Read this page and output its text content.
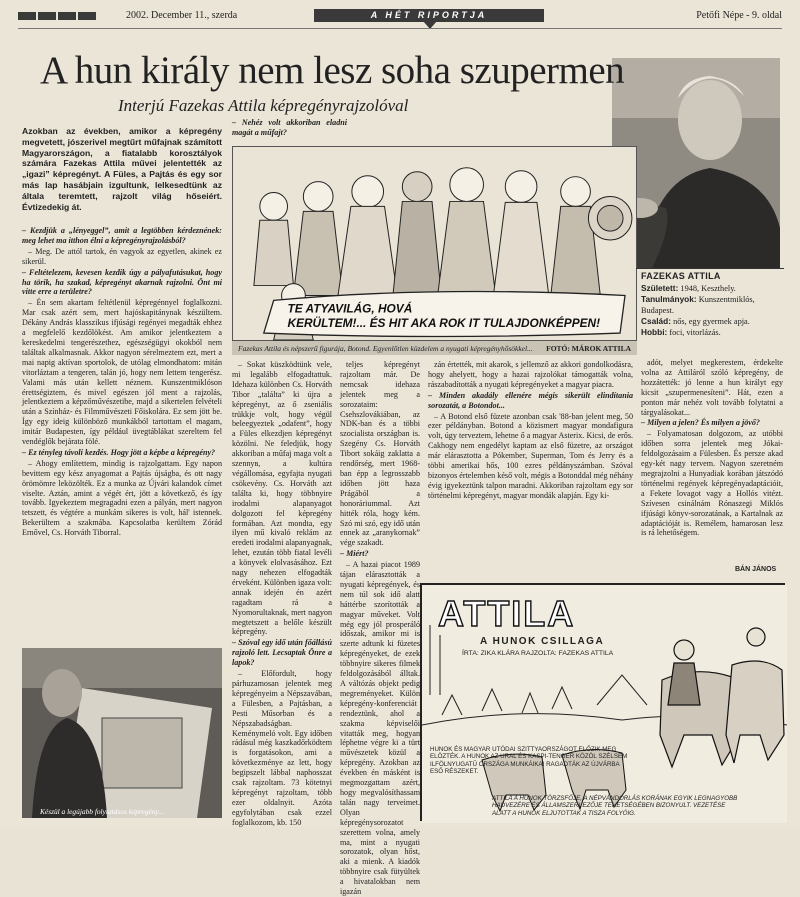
2002. December 11., szerda	A HÉT RIPORTJA	Petőfi Népe - 9. oldal
A hun király nem lesz soha szupermen
Interjú Fazekas Attila képregényrajzolóval
Azokban az években, amikor a képregény megvetett, jószerivel megtűrt műfajnak számított Magyarországon, a fiatalabb korosztályok számára Fazekas Attila művei jelentették az „igazi” képregényt. A Füles, a Pajtás és egy sor más lap hasábjain izgultunk, lelkesedtünk az általa teremtett, rajzolt világ hőseiért. Évtizedekig át.

– Kezdjük a „lényeggel”, amit a legtöbben kérdeznének: meg lehet ma itthon élni a képregényrajzolásból?

– Meg. De attól tartok, én vagyok az egyetlen, akinek ez sikerül.

– Feltételezem, kevesen kezdik úgy a pályafutásukat, hogy ha törik, ha szakad, képregényt akarnak rajzolni. Önt mi vitte erre a területre?

– Én sem akartam feltétlenül képregénnyel foglalkozni. Mar csak azért sem, mert hajóskapitánynak készültem. Dékány András klasszikus ifjúsági regényei megadták ehhez a megfelelő kezdőlökést. Am amikor jelentkeztem a kereskedelmi tengerészethez, egészségügyi okokból nem találtak alkalmasnak. Akkor nagyon sérelmeztem ezt, mert a mai napig aktívan sportolok, de utólag elmondhatom: mitán vitorláztam a tengeren, talán jó, hogy nem lettem tengerész. Valami más után kellett néznem. Kunszentmiklóson érettségiztem, és mivel egészen jól ment a rajzolás, jelentkeztem a képzőművészetibe, majd a sikertelen felvételi után a Színház- és Filmművészeti Főiskolára. Ez sem jött be. Így egy ideig különböző munkákból tartottam el magam, imitár Budapesten, így például üvegtáblákat szereltem fel vendéglők bejárata fölé.

– Ez tényleg távoli kezdés. Hogy jött a képbe a képregény?

– Ahogy említettem, mindig is rajzolgattam. Egy napon bevittem egy kész anyagomat a Pajtás újságba, és ott nagy örömömre leközölték. Ez a munka az Újvári kalandok címet viselte. Aztán, amint a végét ért, jött a következő, és így tovább. Igyekeztem megragadni ezen a pályán, mert nagyon tetszett, és végtére a munkám sikeres is volt, hál' istennek. Bekerültem a szakmába. Kapcsolatba kerültem Zórád Ernővel, Cs. Horváth Tiborral.

– Nehéz volt akkoriban eladni magát a műfajt?

TE ATYAVILÁG, HOVÁ
KERÜLTEM!... ÉS HIT AKA ROK IT TULAJDONKÉPPEN!
Fazekas Attila és népszerű figurája, Botond. Egyenlőtlen küzdelem a nyugati képregényhősökkel... FOTÓ: MÁROK ATTILA

– Sokat küszködtünk vele, mi legalább elfogadtattuk. Idehaza különben Cs. Horváth Tibor „találta” ki újra a képregényt, az ő zseniális trükkje volt, hogy végül beleegyeztek „odafent”, hogy a Füles elkezdjen képregényt közölni. Ne feledjük, hogy akkoriban a műfaj maga volt a szennyв, a kultúra végállomása, egyfajta nyugati csökevény. Cs. Horváth azt találta ki, hogy többnyire irodalmi alapanyagot dolgozott fel képregény formában. Azt mondta, egy ilyen mű kivaló reklám az eredeti irodalmi alapanyagnak, lehet, ezután több fiatal levéli a könyvek elolvasásához. Ezt nagy nehezen elfogadták érveként. Különben igaza volt: annak idején én azért ragadtam rá a Nyomorultaknak, mert nagyon megtetszett a belőle készült képregény.

– Szóval egy idő után főállású rajzoló lett. Lecsaptak Önre a lapok?

– Előfordult, hogy párhuzamosan jelentek meg képregényeim a Népszavában, a Fülesben, a Pajtásban, a Pesti Műsorban és a Népszabadságban. Keménymeló volt. Egy időben rádásul még kaszkadőrködtem is forgatásokon, ami a következménye az lett, hogy begipszelt lábbal naphosszat csak rajzoltam. 73 kötetnyi képregényt rajzoltam, több ezer oldalnyit. Azóta egyfolytában csak ezzel foglalkozom, kb. 150

teljes képregényt rajzoltam már. De nemcsak idehaza jelentek meg a sorozataim: Csehszlovákiában, az NDK-ban és a többi szocialista országban is. Szegény Cs. Horváth Tibort sokáig zaklatta a rendőrség, mert 1968-ban épp a legrosszabb időben jött haza Prágából a honoráriummal. Azt hitték róla, hogy kém. Szó mi szó, egy idő után ennek az „aranykornak” vége szakadt.

– Miért?

– A hazai piacot 1989 tájan elárasztották a nyugati képregények, és nem túl sok idő alatt háttérbe szorították a magyar műveket. Volt még egy jól prosperáló időszak, amikor mi is szerte adtunk ki füzetes képregényeket, de ezek többnyire sikeres filmek feldolgozásából álltak. A váltózás objekt pedig megreményeket. Külön képregény-konferenciát rendeztünk, ahol a szakma képviselői vitatták meg, hogyan léphetne végre ki a türt művészetek közül a képregény. Azokban az években én másként is megmozgattam azért, hogy megvalósíthassam talán nagy terveimet. Olyan képregénysorozatot szerettem volna, amely ma, mint a nyugati sorozatok, olyan hőst, aki a mienk. A kiadók többnyire csak fütyültek a hivatalokban nem igazán

zán értették, mit akarok, s jellemző az akkori gondolkodásra, hogy ahelyett, hogy a hazai rajzolókat támogatták volna, rászabadították a nyugati képregényeket a magyar piacra.

– Minden akadály ellenére mégis sikerült elindítania sorozatát, a Botondot...

– A Botond első füzete azonban csak '88-ban jelent meg, 50 ezer példányban. Botond a közismert magyar mondafigura volt, úgy terveztem, lehetne ő a magyar Asterix. Kicsi, de erős. Cakhogy nem engedélyt kaptam az első füzetre, az országot már elárasztotta a Pókember, Superman, Tom és Jerry és a többi amerikai hős, 100 ezres példányszámban. Szóval bizonyos értelemben késő volt, mégis a Botonddal még néhány évig igyekeztünk talpon maradni. Akkoriban rajzoltam egy sor történelmi képregényt, magyar mondák alapján. Egy ki-

FAZEKAS ATTILA
Született: 1948, Keszthely.
Tanulmányok: Kunszentmiklós, Budapest.
Család: nős, egy gyermek apja.
Hobbi: foci, vitorlázás.

adót, melyet megkerestem, érdekelte volna az Attiláról szóló képregény, de hozzátették: jó lenne a hun királyt egy kicsit „szupermenesíteni”. Hát, ezen a ponton már nehéz volt tovább folytatni a tárgyalásokat...

– Milyen a jelen? És milyen a jövő?

– Folyamatosan dolgozom, az utóbbi időben sorra jelentek meg Jókai-feldolgozásaim a Fülesben. És persze akad egy-két nagy tervem. Nagyon szeretném megrajzolni a Hunyadiak korában játszódó történelmi regények képregényadaptációit, a Fekete lovagot vagy a Hollós vitézt. Szívesen csinálnám Rónaszegi Miklós ifjúsági könyv-sorozatának, a Kartalnak az adaptációját is. Remélem, hamarosan lesz is rá lehetőségem.

BÁN JÁNOS
Készül a legújabb folytatásos képregény...
ATTILA
A HUNOK CSILLAGA
ÍRTA: ZIKA KLÁRA RAJZOLTA: FAZEKAS ATTILA
HUNOK ÉS MAGYAR UTÓDAI SZITTYAORSZÁGOT ELŐZIK MEG ELÖZTÉK. A HUNOK AZ URAL ÉS KASPI-TENGER KÖZÖL SZÉLSEM ILFÖLNYUGATŰ ORSZÁGA MUNKÁIKAI RAGADTÁK AZ ÚJVÁRBA ESŐ RÉSZEKET.
ATTILA A HUNOK TÖRZSFŐJE, A NÉPVÁNDORLÁS KORÁNAK EGYIK LEGNAGYOBB HADVEZÉRE ÉS ÁLLAMSZERVEZŐJE TEHETSÉGÉBEN BIZONYULT. VEZETÉSE ALATT A HUNOK ELJUTOTTAK A TISZA FOLYÓIG.
